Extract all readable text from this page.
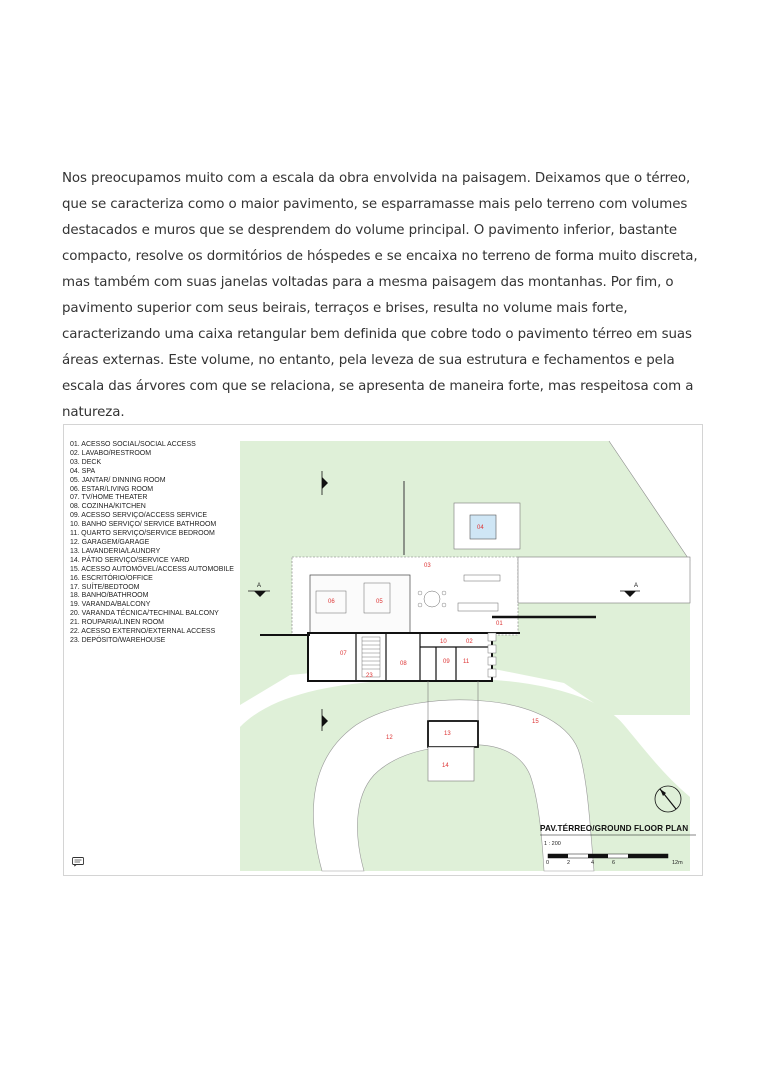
Nos preocupamos muito com a escala da obra envolvida na paisagem. Deixamos que o térreo, que se caracteriza como o maior pavimento, se esparramasse mais pelo terreno com volumes destacados e muros que se desprendem do volume principal. O pavimento inferior, bastante compacto, resolve os dormitórios de hóspedes e se encaixa no terreno de forma muito discreta, mas também com suas janelas voltadas para a mesma paisagem das montanhas. Por fim, o pavimento superior com seus beirais, terraços e brises, resulta no volume mais forte, caracterizando uma caixa retangular bem definida que cobre todo o pavimento térreo em suas áreas externas. Este volume, no entanto, pela leveza de sua estrutura e fechamentos e pela escala das árvores com que se relaciona, se apresenta de maneira forte, mas respeitosa com a natureza.

A	A
01
02
03
04
05
06
07
08	09
10
11
12
13
14
15
23
01. ACESSO SOCIAL/SOCIAL ACCESS
02. LAVABO/RESTROOM
03. DECK
04. SPA
05. JANTAR/ DINNING ROOM
06. ESTAR/LIVING ROOM
07. TV/HOME THEATER
08. COZINHA/KITCHEN
09. ACESSO SERVIÇO/ACCESS SERVICE
10. BANHO SERVIÇO/ SERVICE BATHROOM
11. QUARTO SERVIÇO/SERVICE BEDROOM
12. GARAGEM/GARAGE
13. LAVANDERIA/LAUNDRY
14. PÁTIO SERVIÇO/SERVICE YARD
15. ACESSO AUTOMÓVEL/ACCESS AUTOMOBILE
16. ESCRITÓRIO/OFFICE
17. SUÍTE/BEDTOOM
18. BANHO/BATHROOM
19. VARANDA/BALCONY
20. VARANDA TÉCNICA/TECHINAL BALCONY
21. ROUPARIA/LINEN ROOM
22. ACESSO EXTERNO/EXTERNAL ACCESS
23. DEPÓSITO/WAREHOUSE
PAV.TÉRREO/GROUND FLOOR PLAN
1 : 200
0	2	4	6	12m
